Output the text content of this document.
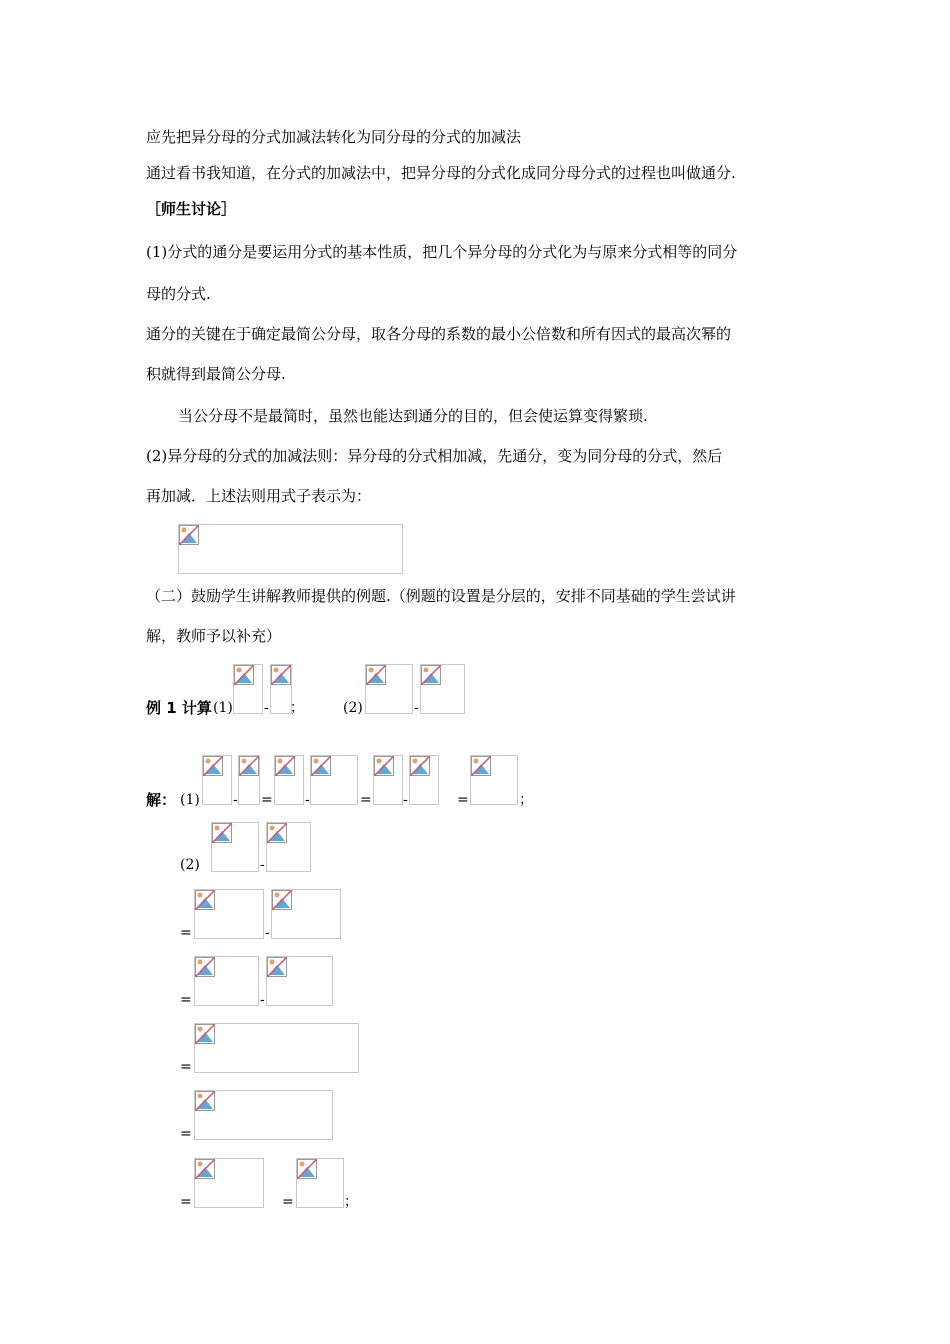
应先把异分母的分式加减法转化为同分母的分式的加减法
通过看书我知道，在分式的加减法中，把异分母的分式化成同分母分式的过程也叫做通分.
［师生讨论］
(1)分式的通分是要运用分式的基本性质，把几个异分母的分式化为与原来分式相等的同分
母的分式.
通分的关键在于确定最简公分母，取各分母的系数的最小公倍数和所有因式的最高次幂的
积就得到最简公分母.
当公分母不是最简时，虽然也能达到通分的目的，但会使运算变得繁琐.
(2)异分母的分式的加减法则：异分母的分式相加减，先通分，变为同分母的分式，然后
再加减．上述法则用式子表示为：
（二）鼓励学生讲解教师提供的例题.（例题的设置是分层的，安排不同基础的学生尝试讲
解，教师予以补充）
例 1 计算 (1) - ；	(2)	-
解： (1) - = -	= -	=	；
(2)	-
=	-
=	-
=
=
=	=	；
